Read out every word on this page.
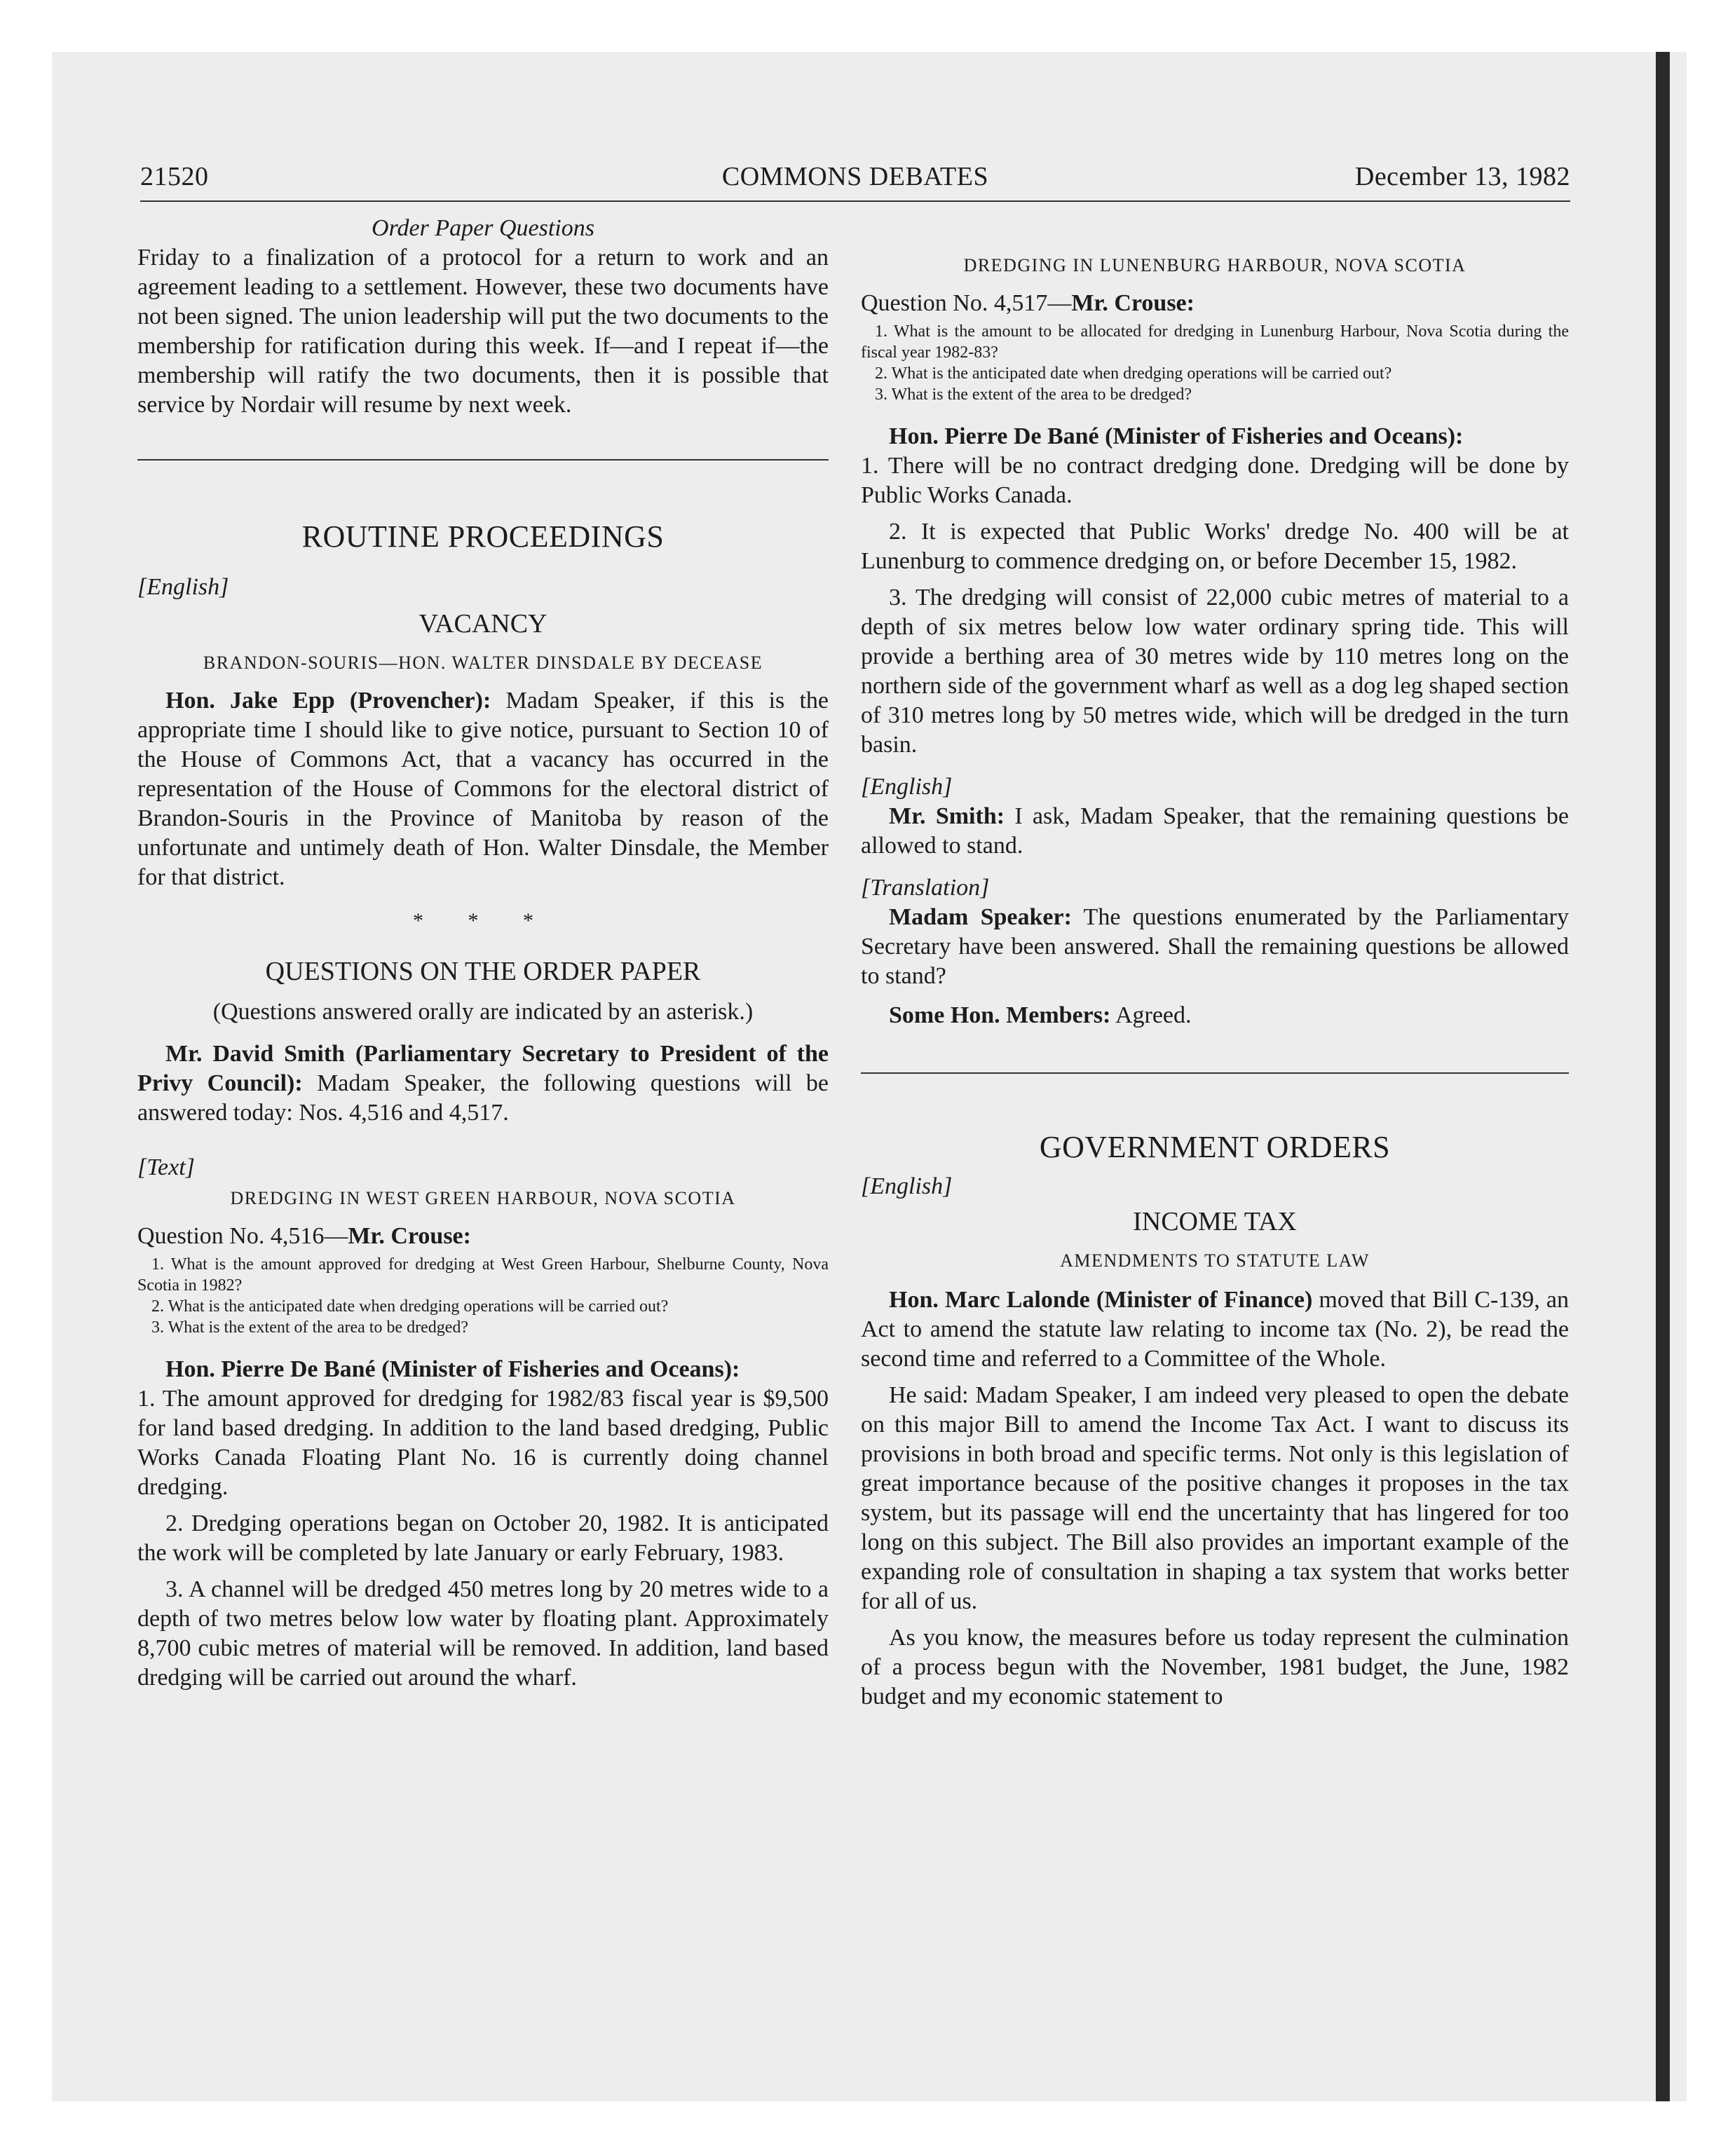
21520	COMMONS DEBATES	December 13, 1982

Order Paper Questions

Friday to a finalization of a protocol for a return to work and an agreement leading to a settlement. However, these two documents have not been signed. The union leadership will put the two documents to the membership for ratification during this week. If—and I repeat if—the membership will ratify the two documents, then it is possible that service by Nordair will resume by next week.

ROUTINE PROCEEDINGS

[English]

VACANCY

BRANDON-SOURIS—HON. WALTER DINSDALE BY DECEASE

Hon. Jake Epp (Provencher): Madam Speaker, if this is the appropriate time I should like to give notice, pursuant to Section 10 of the House of Commons Act, that a vacancy has occurred in the representation of the House of Commons for the electoral district of Brandon-Souris in the Province of Manitoba by reason of the unfortunate and untimely death of Hon. Walter Dinsdale, the Member for that district.

* * *

QUESTIONS ON THE ORDER PAPER

(Questions answered orally are indicated by an asterisk.)

Mr. David Smith (Parliamentary Secretary to President of the Privy Council): Madam Speaker, the following questions will be answered today: Nos. 4,516 and 4,517.

[Text]

DREDGING IN WEST GREEN HARBOUR, NOVA SCOTIA

Question No. 4,516—Mr. Crouse:

1. What is the amount approved for dredging at West Green Harbour, Shelburne County, Nova Scotia in 1982?

2. What is the anticipated date when dredging operations will be carried out?

3. What is the extent of the area to be dredged?

Hon. Pierre De Bané (Minister of Fisheries and Oceans):

1. The amount approved for dredging for 1982/83 fiscal year is $9,500 for land based dredging. In addition to the land based dredging, Public Works Canada Floating Plant No. 16 is currently doing channel dredging.

2. Dredging operations began on October 20, 1982. It is anticipated the work will be completed by late January or early February, 1983.

3. A channel will be dredged 450 metres long by 20 metres wide to a depth of two metres below low water by floating plant. Approximately 8,700 cubic metres of material will be removed. In addition, land based dredging will be carried out around the wharf.

DREDGING IN LUNENBURG HARBOUR, NOVA SCOTIA

Question No. 4,517—Mr. Crouse:

1. What is the amount to be allocated for dredging in Lunenburg Harbour, Nova Scotia during the fiscal year 1982-83?

2. What is the anticipated date when dredging operations will be carried out?

3. What is the extent of the area to be dredged?

Hon. Pierre De Bané (Minister of Fisheries and Oceans):

1. There will be no contract dredging done. Dredging will be done by Public Works Canada.

2. It is expected that Public Works' dredge No. 400 will be at Lunenburg to commence dredging on, or before December 15, 1982.

3. The dredging will consist of 22,000 cubic metres of material to a depth of six metres below low water ordinary spring tide. This will provide a berthing area of 30 metres wide by 110 metres long on the northern side of the government wharf as well as a dog leg shaped section of 310 metres long by 50 metres wide, which will be dredged in the turn basin.

[English]

Mr. Smith: I ask, Madam Speaker, that the remaining questions be allowed to stand.

[Translation]

Madam Speaker: The questions enumerated by the Parliamentary Secretary have been answered. Shall the remaining questions be allowed to stand?

Some Hon. Members: Agreed.

GOVERNMENT ORDERS

[English]

INCOME TAX

AMENDMENTS TO STATUTE LAW

Hon. Marc Lalonde (Minister of Finance) moved that Bill C-139, an Act to amend the statute law relating to income tax (No. 2), be read the second time and referred to a Committee of the Whole.

He said: Madam Speaker, I am indeed very pleased to open the debate on this major Bill to amend the Income Tax Act. I want to discuss its provisions in both broad and specific terms. Not only is this legislation of great importance because of the positive changes it proposes in the tax system, but its passage will end the uncertainty that has lingered for too long on this subject. The Bill also provides an important example of the expanding role of consultation in shaping a tax system that works better for all of us.

As you know, the measures before us today represent the culmination of a process begun with the November, 1981 budget, the June, 1982 budget and my economic statement to
